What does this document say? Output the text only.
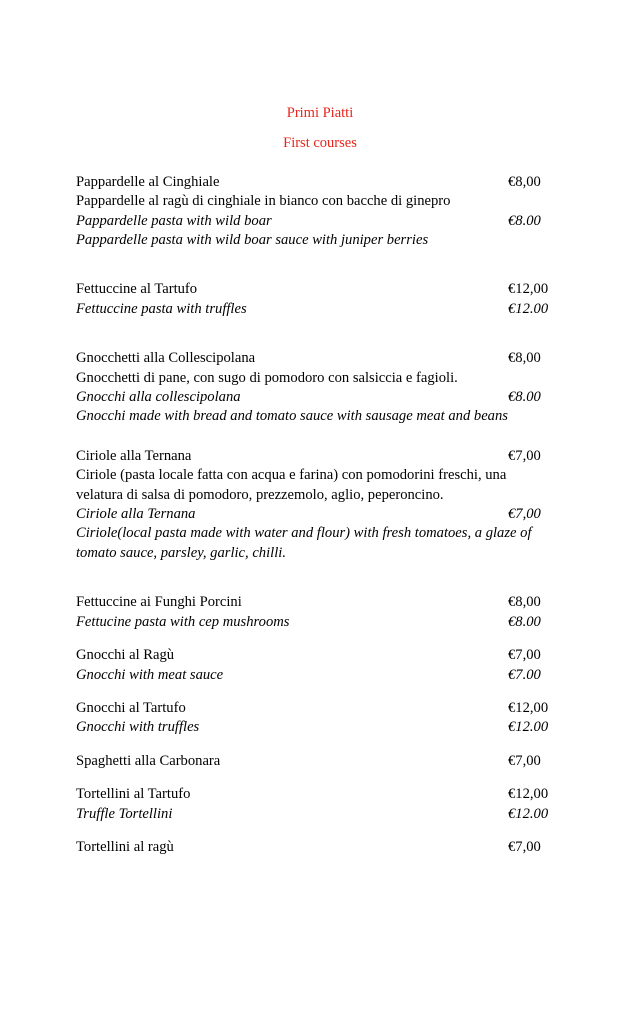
Primi Piatti
First courses
Pappardelle al Cinghiale	€8,00
Pappardelle al ragù di cinghiale in bianco con bacche di ginepro
Pappardelle pasta with wild boar	€8.00
Pappardelle pasta with wild boar sauce with juniper berries
Fettuccine al Tartufo	€12,00
Fettuccine pasta with truffles	€12.00
Gnocchetti alla Collescipolana	€8,00
Gnocchetti di pane, con sugo di pomodoro con salsiccia e fagioli.
Gnocchi alla collescipolana	€8.00
Gnocchi made with bread and tomato sauce with sausage meat and beans
Ciriole alla Ternana	€7,00
Ciriole (pasta locale fatta con acqua e farina) con pomodorini freschi, una velatura di salsa di pomodoro, prezzemolo, aglio, peperoncino.
Ciriole alla Ternana	€7,00
Ciriole(local pasta made with water and flour) with fresh tomatoes, a glaze of tomato sauce, parsley, garlic, chilli.
Fettuccine ai Funghi Porcini	€8,00
Fettucine pasta with cep mushrooms	€8.00
Gnocchi al Ragù	€7,00
Gnocchi with meat sauce	€7.00
Gnocchi al Tartufo	€12,00
Gnocchi with truffles	€12.00
Spaghetti alla Carbonara	€7,00
Tortellini al Tartufo	€12,00
Truffle Tortellini	€12.00
Tortellini al ragù	€7,00
